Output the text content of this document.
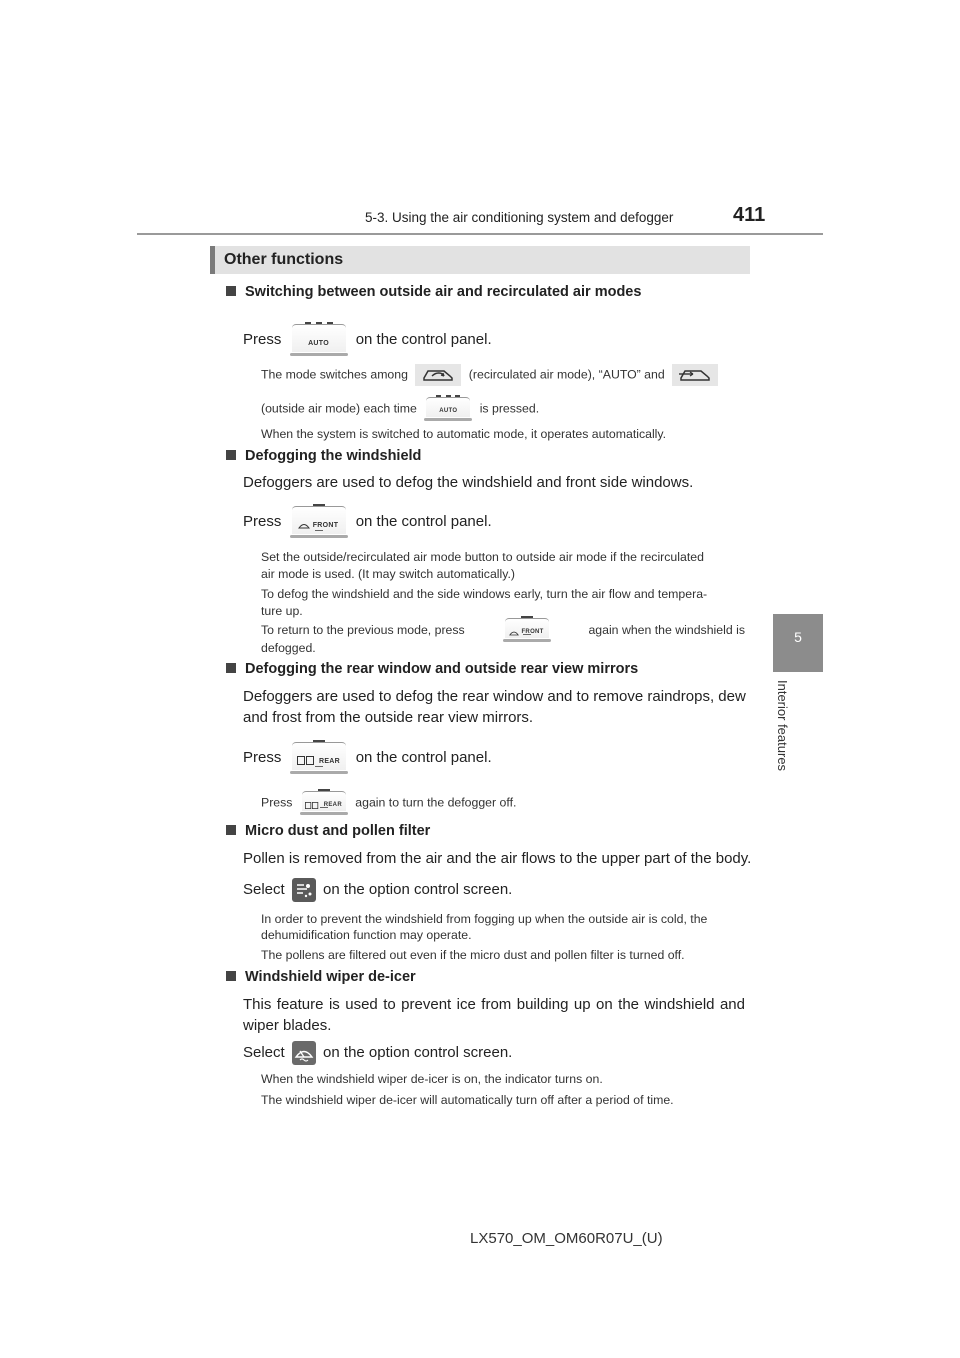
5-3. Using the air conditioning system and defogger	411
5
Interior features
Other functions
Switching between outside air and recirculated air modes
Press	AUTO	on the control panel.
The mode switches among	(recirculated air mode), “AUTO” and
(outside air mode) each time	AUTO	is pressed.
When the system is switched to automatic mode, it operates automatically.
Defogging the windshield
Defoggers are used to defog the windshield and front side windows.
Press	FRONT	on the control panel.
Set the outside/recirculated air mode button to outside air mode if the recirculated
air mode is used. (It may switch automatically.)
To defog the windshield and the side windows early, turn the air flow and tempera-
ture up.
To return to the previous mode, press	FRONT	again when the windshield is
defogged.
Defogging the rear window and outside rear view mirrors
Defoggers are used to defog the rear window and to remove raindrops, dew
and frost from the outside rear view mirrors.
Press	REAR	on the control panel.
Press	REAR	again to turn the defogger off.
Micro dust and pollen filter
Pollen is removed from the air and the air flows to the upper part of the body.
Select	on the option control screen.
In order to prevent the windshield from fogging up when the outside air is cold, the
dehumidification function may operate.
The pollens are filtered out even if the micro dust and pollen filter is turned off.
Windshield wiper de-icer
This feature is used to prevent ice from building up on the windshield and
wiper blades.
Select	on the option control screen.
When the windshield wiper de-icer is on, the indicator turns on.
The windshield wiper de-icer will automatically turn off after a period of time.
LX570_OM_OM60R07U_(U)
